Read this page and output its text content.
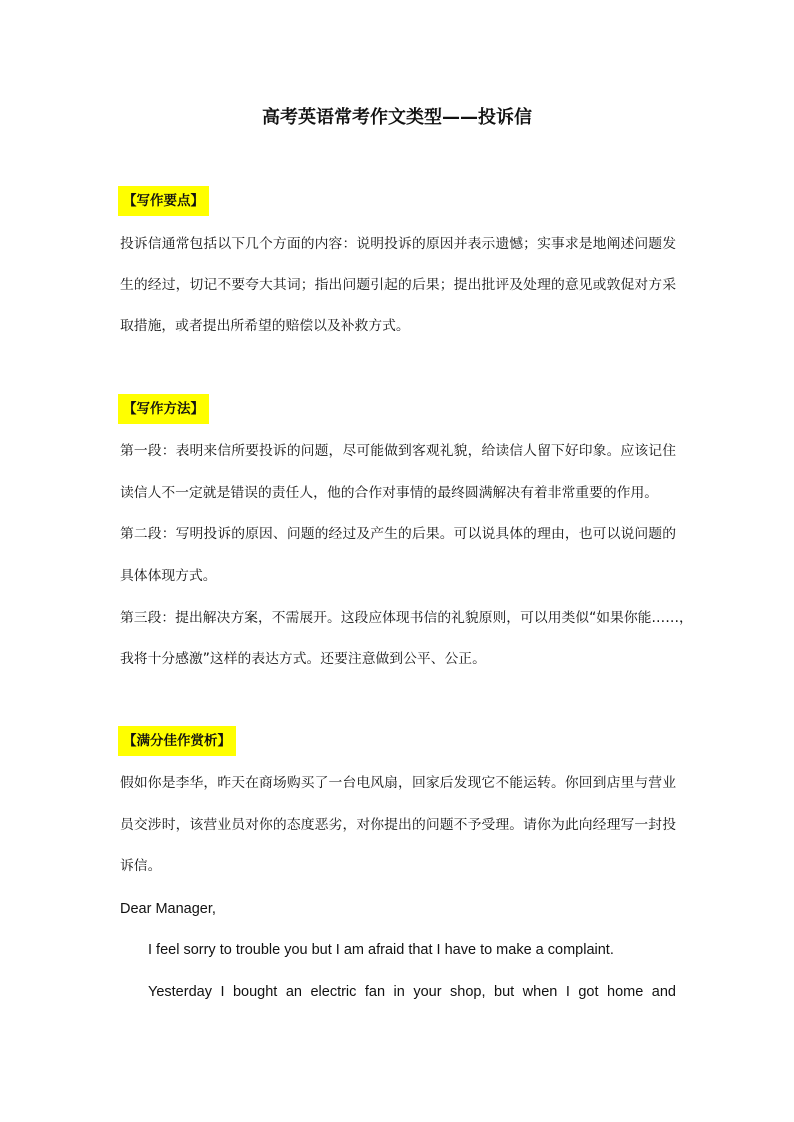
高考英语常考作文类型——投诉信
【写作要点】
投诉信通常包括以下几个方面的内容：说明投诉的原因并表示遗憾；实事求是地阐述问题发
生的经过，切记不要夸大其词；指出问题引起的后果；提出批评及处理的意见或敦促对方采
取措施，或者提出所希望的赔偿以及补救方式。
【写作方法】
第一段：表明来信所要投诉的问题，尽可能做到客观礼貌，给读信人留下好印象。应该记住
读信人不一定就是错误的责任人，他的合作对事情的最终圆满解决有着非常重要的作用。
第二段：写明投诉的原因、问题的经过及产生的后果。可以说具体的理由，也可以说问题的
具体体现方式。
第三段：提出解决方案，不需展开。这段应体现书信的礼貌原则，可以用类似“如果你能……，
我将十分感激”这样的表达方式。还要注意做到公平、公正。
【满分佳作赏析】
假如你是李华，昨天在商场购买了一台电风扇，回家后发现它不能运转。你回到店里与营业
员交涉时，该营业员对你的态度恶劣，对你提出的问题不予受理。请你为此向经理写一封投
诉信。
Dear Manager,
I feel sorry to trouble you but I am afraid that I have to make a complaint.
Yesterday I bought an electric fan in your shop, but when I got home and
